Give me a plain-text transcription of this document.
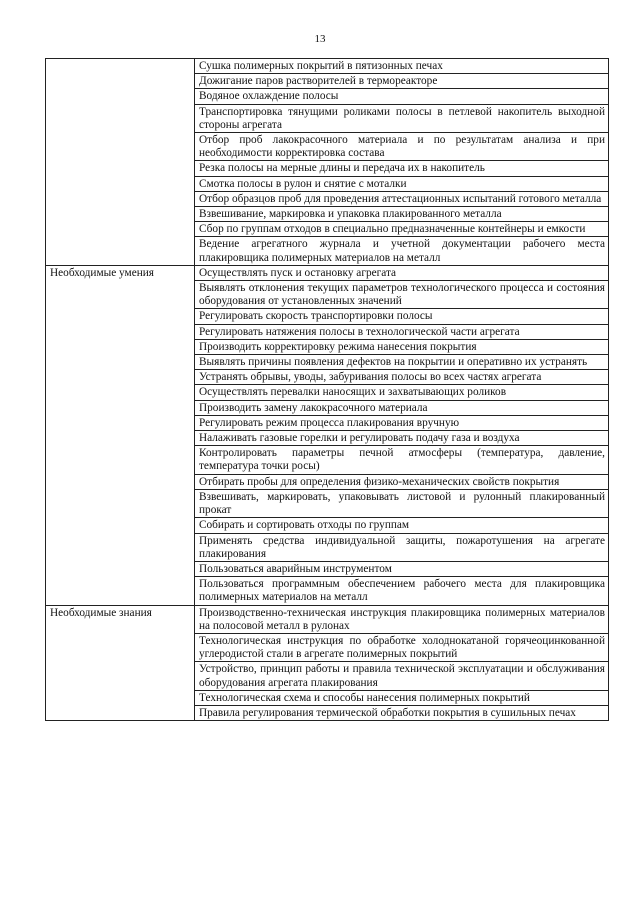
13
	Сушка полимерных покрытий в пятизонных печах
	Дожигание паров растворителей в термореакторе
	Водяное охлаждение полосы
	Транспортировка тянущими роликами полосы в петлевой накопитель выходной стороны агрегата
	Отбор проб лакокрасочного материала и по результатам анализа и при необходимости корректировка состава
	Резка полосы на мерные длины и передача их в накопитель
	Смотка полосы в рулон и снятие с моталки
	Отбор образцов проб для проведения аттестационных испытаний готового металла
	Взвешивание, маркировка и упаковка плакированного металла
	Сбор по группам отходов в специально предназначенные контейнеры и емкости
	Ведение агрегатного журнала и учетной документации рабочего места плакировщика полимерных материалов на металл
Необходимые умения	Осуществлять пуск и остановку агрегата
	Выявлять отклонения текущих параметров технологического процесса и состояния оборудования от установленных значений
	Регулировать скорость транспортировки полосы
	Регулировать натяжения полосы в технологической части агрегата
	Производить корректировку режима нанесения покрытия
	Выявлять причины появления дефектов на покрытии и оперативно их устранять
	Устранять обрывы, уводы, забуривания полосы во всех частях агрегата
	Осуществлять перевалки наносящих и захватывающих роликов
	Производить замену лакокрасочного материала
	Регулировать режим процесса плакирования вручную
	Налаживать газовые горелки и регулировать подачу газа и воздуха
	Контролировать параметры печной атмосферы (температура, давление, температура точки росы)
	Отбирать пробы для определения физико-механических свойств покрытия
	Взвешивать, маркировать, упаковывать листовой и рулонный плакированный прокат
	Собирать и сортировать отходы по группам
	Применять средства индивидуальной защиты, пожаротушения на агрегате плакирования
	Пользоваться аварийным инструментом
	Пользоваться программным обеспечением рабочего места для плакировщика полимерных материалов на металл
Необходимые знания	Производственно-техническая инструкция плакировщика полимерных материалов на полосовой металл в рулонах
	Технологическая инструкция по обработке холоднокатаной горячеоцинкованной углеродистой стали в агрегате полимерных покрытий
	Устройство, принцип работы и правила технической эксплуатации и обслуживания оборудования агрегата плакирования
	Технологическая схема и способы нанесения полимерных покрытий
	Правила регулирования термической обработки покрытия в сушильных печах
